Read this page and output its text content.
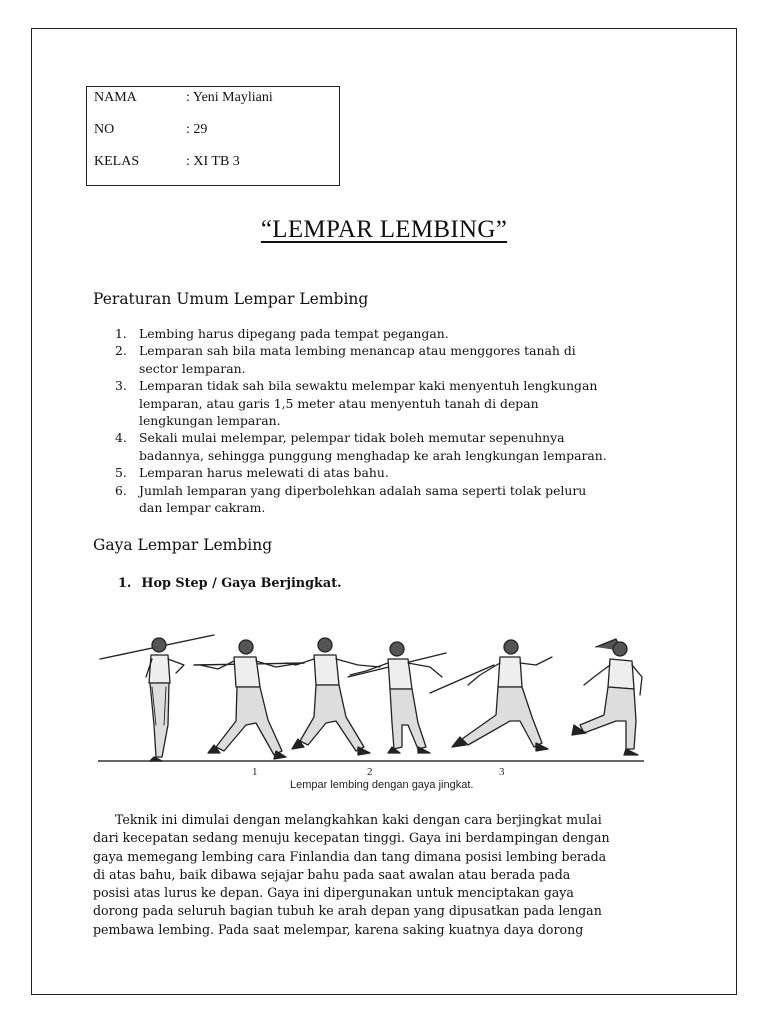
NAMA	: Yeni Mayliani
NO	: 29
KELAS	: XI TB 3
“LEMPAR LEMBING”
Peraturan Umum Lempar Lembing
1. Lembing harus dipegang pada tempat pegangan.
2. Lemparan sah bila mata lembing menancap atau menggores tanah di
sector lemparan.
3. Lemparan tidak sah bila sewaktu melempar kaki menyentuh lengkungan
lemparan, atau garis 1,5 meter atau menyentuh tanah di depan
lengkungan lemparan.
4. Sekali mulai melempar, pelempar tidak boleh memutar sepenuhnya
badannya, sehingga punggung menghadap ke arah lengkungan lemparan.
5. Lemparan harus melewati di atas bahu.
6. Jumlah lemparan yang diperbolehkan adalah sama seperti tolak peluru
dan lempar cakram.
Gaya Lempar Lembing
1. Hop Step / Gaya Berjingkat.
1	2	3
Lempar lembing dengan gaya jingkat.
Teknik ini dimulai dengan melangkahkan kaki dengan cara berjingkat mulai
dari kecepatan sedang menuju kecepatan tinggi. Gaya ini berdampingan dengan
gaya memegang lembing cara Finlandia dan tang dimana posisi lembing berada
di atas bahu, baik dibawa sejajar bahu pada saat awalan atau berada pada
posisi atas lurus ke depan. Gaya ini dipergunakan untuk menciptakan gaya
dorong pada seluruh bagian tubuh ke arah depan yang dipusatkan pada lengan
pembawa lembing. Pada saat melempar, karena saking kuatnya daya dorong
